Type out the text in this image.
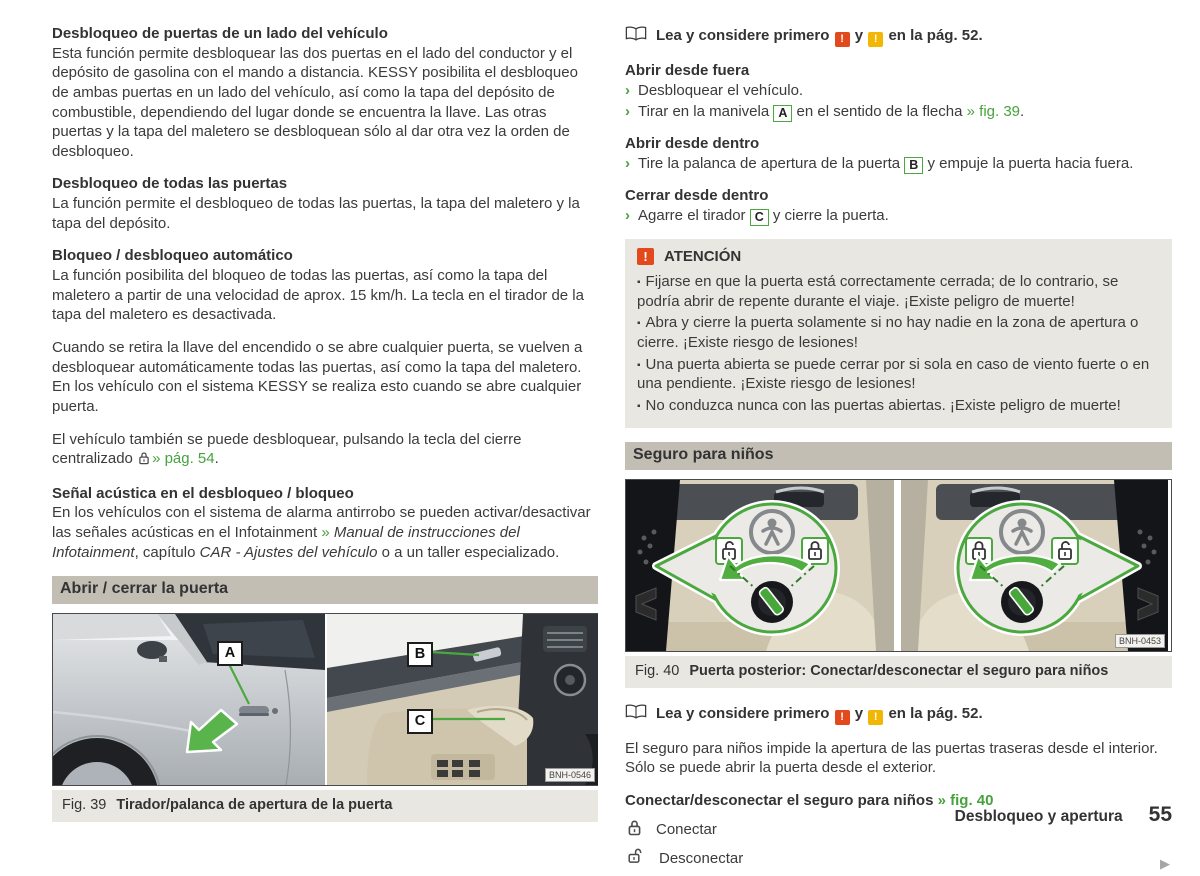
Desbloqueo de puertas de un lado del vehículo

Esta función permite desbloquear las dos puertas en el lado del conductor y el depósito de gasolina con el mando a distancia. KESSY posibilita el desbloqueo de ambas puertas en un lado del vehículo, así como la tapa del depósito de combustible, dependiendo del lugar donde se encuentra la llave. Las otras puertas y la tapa del maletero se desbloquean sólo al dar otra vez la orden de desbloqueo.

Desbloqueo de todas las puertas

La función permite el desbloqueo de todas las puertas, la tapa del maletero y la tapa del depósito.

Bloqueo / desbloqueo automático

La función posibilita del bloqueo de todas las puertas, así como la tapa del maletero a partir de una velocidad de aprox. 15 km/h. La tecla en el tirador de la tapa del maletero es desactivada.

Cuando se retira la llave del encendido o se abre cualquier puerta, se vuelven a desbloquear automáticamente todas las puertas, así como la tapa del maletero. En los vehículo con el sistema KESSY se realiza esto cuando se abre cualquier puerta.

El vehículo también se puede desbloquear, pulsando la tecla del cierre centralizado » pág. 54.

Señal acústica en el desbloqueo / bloqueo

En los vehículos con el sistema de alarma antirrobo se pueden activar/desactivar las señales acústicas en el Infotainment » Manual de instrucciones del Infotainment, capítulo CAR - Ajustes del vehículo o a un taller especializado.

Abrir / cerrar la puerta
A	B
C
BNH-0546
Fig. 39 Tirador/palanca de apertura de la puerta
Lea y considere primero ! y ! en la pág. 52.
Abrir desde fuera
› Desbloquear el vehículo.
› Tirar en la manivela A en el sentido de la flecha » fig. 39.
Abrir desde dentro
› Tire la palanca de apertura de la puerta B y empuje la puerta hacia fuera.
Cerrar desde dentro
› Agarre el tirador C y cierre la puerta.
!	ATENCIÓN
▪ Fijarse en que la puerta está correctamente cerrada; de lo contrario, se podría abrir de repente durante el viaje. ¡Existe peligro de muerte!
▪ Abra y cierre la puerta solamente si no hay nadie en la zona de apertura o cierre. ¡Existe riesgo de lesiones!
▪ Una puerta abierta se puede cerrar por si sola en caso de viento fuerte o en una pendiente. ¡Existe riesgo de lesiones!
▪ No conduzca nunca con las puertas abiertas. ¡Existe peligro de muerte!
Seguro para niños
BNH-0453
Fig. 40 Puerta posterior: Conectar/desconectar el seguro para niños
Lea y considere primero ! y ! en la pág. 52.

El seguro para niños impide la apertura de las puertas traseras desde el interior. Sólo se puede abrir la puerta desde el exterior.

Conectar/desconectar el seguro para niños » fig. 40

Conectar
Desconectar	▶
Desbloqueo y apertura 55
